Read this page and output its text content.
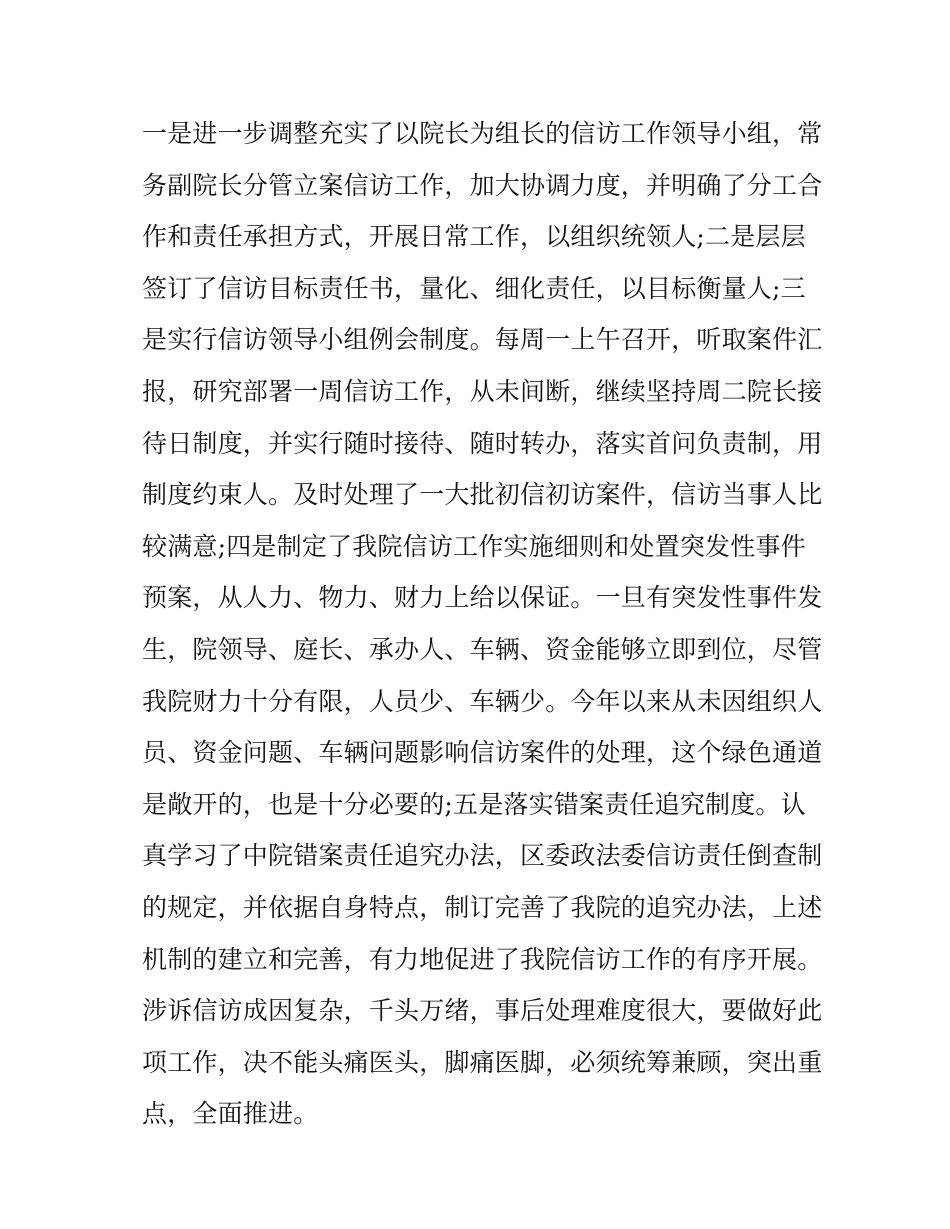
一是进一步调整充实了以院长为组长的信访工作领导小组，常
务副院长分管立案信访工作，加大协调力度，并明确了分工合
作和责任承担方式，开展日常工作，以组织统领人;二是层层
签订了信访目标责任书，量化、细化责任，以目标衡量人;三
是实行信访领导小组例会制度。每周一上午召开，听取案件汇
报，研究部署一周信访工作，从未间断，继续坚持周二院长接
待日制度，并实行随时接待、随时转办，落实首问负责制，用
制度约束人。及时处理了一大批初信初访案件，信访当事人比
较满意;四是制定了我院信访工作实施细则和处置突发性事件
预案，从人力、物力、财力上给以保证。一旦有突发性事件发
生，院领导、庭长、承办人、车辆、资金能够立即到位，尽管
我院财力十分有限，人员少、车辆少。今年以来从未因组织人
员、资金问题、车辆问题影响信访案件的处理，这个绿色通道
是敞开的，也是十分必要的;五是落实错案责任追究制度。认
真学习了中院错案责任追究办法，区委政法委信访责任倒查制
的规定，并依据自身特点，制订完善了我院的追究办法，上述
机制的建立和完善，有力地促进了我院信访工作的有序开展。
涉诉信访成因复杂，千头万绪，事后处理难度很大，要做好此
项工作，决不能头痛医头，脚痛医脚，必须统筹兼顾，突出重
点，全面推进。
